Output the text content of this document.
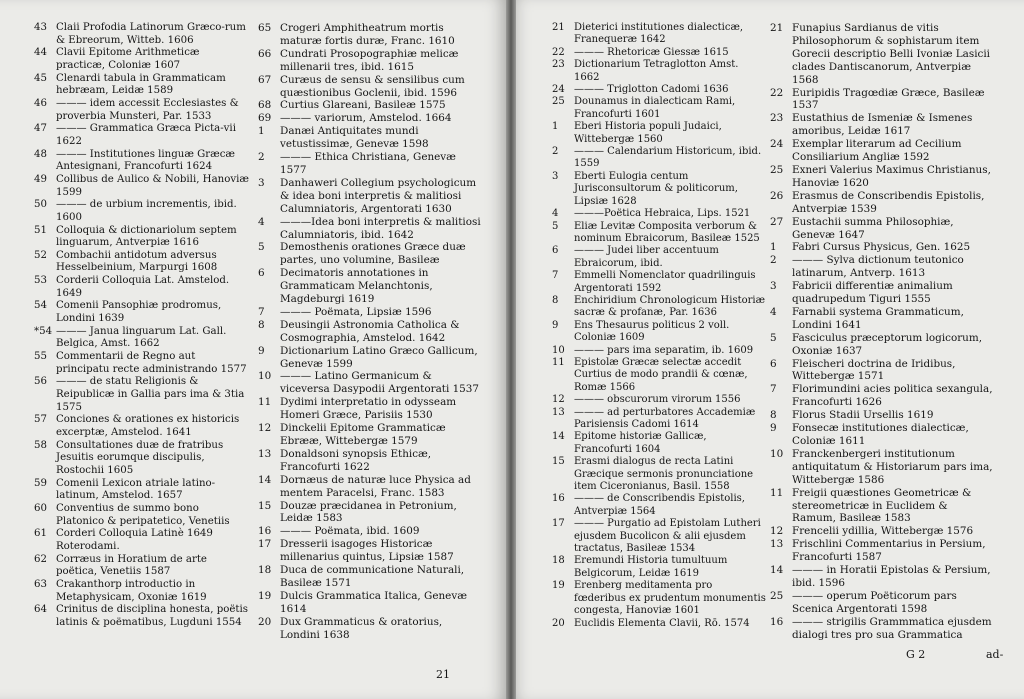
43 Claii Profodia Latinorum Græco-rum & Ebreorum, Witteb. 1606
44 Clavii Epitome Arithmeticæ practicæ, Coloniæ 1607
45 Clenardi tabula in Grammaticam hebræam, Leidæ 1589
46 ——— idem accessit Ecclesiastes & proverbia Munsteri, Par. 1533
47 ——— Grammatica Græca Picta-vii 1622
48 ——— Institutiones linguæ Græcæ Antesignani, Francofurti 1624
49 Collibus de Aulico & Nobili, Hanoviæ 1599
50 ——— de urbium incrementis, ibid. 1600
51 Colloquia & dictionariolum septem linguarum, Antverpiæ 1616
52 Combachii antidotum adversus Hesselbeinium, Marpurgi 1608
53 Corderii Colloquia Lat. Amstelod. 1649
54 Comenii Pansophiæ prodromus, Londini 1639
*54 ——— Janua linguarum Lat. Gall. Belgica, Amst. 1662
55 Commentarii de Regno aut principatu recte administrando 1577
56 ——— de statu Religionis & Reipublicæ in Gallia pars ima & 3tia 1575
57 Conciones & orationes ex historicis excerptæ, Amstelod. 1641
58 Consultationes duæ de fratribus Jesuitis eorumque discipulis, Rostochii 1605
59 Comenii Lexicon atriale latino-latinum, Amstelod. 1657
60 Conventius de summo bono Platonico & peripatetico, Venetiis
61 Corderi Colloquia Latinè 1649 Roterodami.
62 Corræus in Horatium de arte poëtica, Venetiis 1587
63 Crakanthorp introductio in Metaphysicam, Oxoniæ 1619
64 Crinitus de disciplina honesta, poëtis latinis & poëmatibus, Lugduni 1554
65 Crogeri Amphitheatrum mortis maturæ fortis duræ, Franc. 1610
66 Cundrati Prosopographiæ melicæ millenarii tres, ibid. 1615
67 Curæus de sensu & sensilibus cum quæstionibus Goclenii, ibid. 1596
68 Curtius Glareani, Basileæ 1575
69 ——— variorum, Amstelod. 1664
1	Danæi Antiquitates mundi vetustissimæ, Genevæ 1598
2	——— Ethica Christiana, Genevæ 1577
3	Danhaweri Collegium psychologicum & idea boni interpretis & malitiosi Calumniatoris, Argentorati 1630
4	———Idea boni interpretis & malitiosi Calumniatoris, ibid. 1642
5	Demosthenis orationes Græce duæ partes, uno volumine, Basileæ
6	Decimatoris annotationes in Grammaticam Melanchtonis, Magdeburgi 1619
7	——— Poëmata, Lipsiæ 1596
8	Deusingii Astronomia Catholica & Cosmographia, Amstelod. 1642
9	Dictionarium Latino Græco Gallicum, Genevæ 1599
10 ——— Latino Germanicum & viceversa Dasypodii Argentorati 1537
11 Dydimi interpretatio in odysseam Homeri Græce, Parisiis 1530
12 Dinckelii Epitome Grammaticæ Ebrææ, Wittebergæ 1579
13 Donaldsoni synopsis Ethicæ, Francofurti 1622
14 Dornæus de naturæ luce Physica ad mentem Paracelsi, Franc. 1583
15 Douzæ præcidanea in Petronium, Leidæ 1583
16 ——— Poëmata, ibid. 1609
17 Dresserii isagoges Historicæ millenarius quintus, Lipsiæ 1587
18 Duca de communicatione Naturali, Basileæ 1571
19 Dulcis Grammatica Italica, Genevæ 1614
20 Dux Grammaticus & oratorius, Londini 1638
21
21 Dieterici institutiones dialecticæ, Franequeræ 1642
22 ——— Rhetoricæ Giessæ 1615
23 Dictionarium Tetraglotton Amst. 1662
24 ——— Triglotton Cadomi 1636
25 Dounamus in dialecticam Rami, Francofurti 1601
1	Eberi Historia populi Judaici, Wittebergæ 1560
2	——— Calendarium Historicum, ibid. 1559
3	Eberti Eulogia centum Jurisconsultorum & politicorum, Lipsiæ 1628
4	———Poëtica Hebraica, Lips. 1521
5	Eliæ Levitæ Composita verborum & nominum Ebraicorum, Basileæ 1525
6	——— Judei liber accentuum Ebraicorum, ibid.
7	Emmelli Nomenclator quadrilinguis Argentorati 1592
8	Enchiridium Chronologicum Historiæ sacræ & profanæ, Par. 1636
9	Ens Thesaurus politicus 2 voll. Coloniæ 1609
10 ——— pars ima separatim, ib. 1609
11 Epistolæ Græcæ selectæ accedit Curtius de modo prandii & cœnæ, Romæ 1566
12 ——— obscurorum virorum 1556
13 ——— ad perturbatores Accademiæ Parisiensis Cadomi 1614
14 Epitome historiæ Gallicæ, Francofurti 1604
15 Erasmi dialogus de recta Latini Græcique sermonis pronunciatione item Ciceronianus, Basil. 1558
16 ——— de Conscribendis Epistolis, Antverpiæ 1564
17 ——— Purgatio ad Epistolam Lutheri ejusdem Bucolicon & alii ejusdem tractatus, Basileæ 1534
18 Eremundi Historia tumultuum Belgicorum, Leidæ 1619
19 Erenberg meditamenta pro fœderibus ex prudentum monumentis congesta, Hanoviæ 1601
20 Euclidis Elementa Clavii, Rō. 1574
21 Funapius Sardianus de vitis Philosophorum & sophistarum item Gorecii descriptio Belli Ivoniæ Lasicii clades Dantiscanorum, Antverpiæ 1568
22 Euripidis Tragœdiæ Græce, Basileæ 1537
23 Eustathius de Ismeniæ & Ismenes amoribus, Leidæ 1617
24 Exemplar literarum ad Cecilium Consiliarium Angliæ 1592
25 Exneri Valerius Maximus Christianus, Hanoviæ 1620
26 Erasmus de Conscribendis Epistolis, Antverpiæ 1539
27 Eustachii summa Philosophiæ, Genevæ 1647
1	Fabri Cursus Physicus, Gen. 1625
2	——— Sylva dictionum teutonico latinarum, Antverp. 1613
3	Fabricii differentiæ animalium quadrupedum Tiguri 1555
4	Farnabii systema Grammaticum, Londini 1641
5	Fasciculus præceptorum logicorum, Oxoniæ 1637
6	Fleischeri doctrina de Iridibus, Wittebergæ 1571
7	Florimundini acies politica sexangula, Francofurti 1626
8	Florus Stadii Ursellis 1619
9	Fonsecæ institutiones dialecticæ, Coloniæ 1611
10 Franckenbergeri institutionum antiquitatum & Historiarum pars ima, Wittebergæ 1586
11 Freigii quæstiones Geometricæ & stereometricæ in Euclidem & Ramum, Basileæ 1583
12 Frencelii ydillia, Wittebergæ 1576
13 Frischlini Commentarius in Persium, Francofurti 1587
14 ——— in Horatii Epistolas & Persium, ibid. 1596
25 ——— operum Poëticorum pars Scenica Argentorati 1598
16 ——— strigilis Grammmatica ejusdem dialogi tres pro sua Grammatica
G 2	ad-
